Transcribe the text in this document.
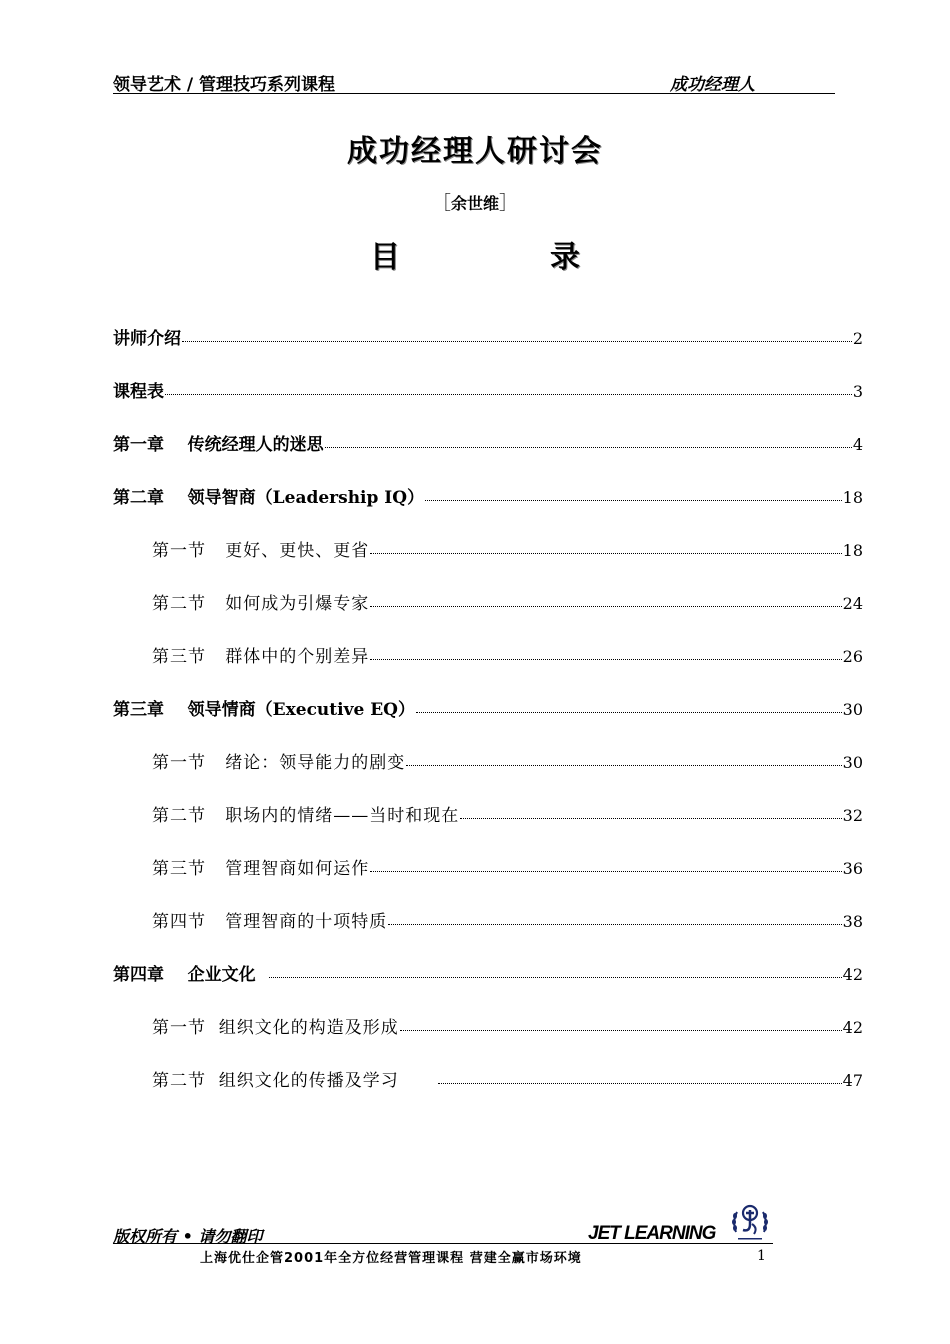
领导艺术 / 管理技巧系列课程	成功经理人
成功经理人研讨会
［余世维］
目	录
讲师介绍	2
课程表	3
第一章    传统经理人的迷思	4
第二章    领导智商（Leadership IQ）	18
第一节   更好、更快、更省	18
第二节   如何成为引爆专家	24
第三节   群体中的个别差异	26
第三章    领导情商（Executive EQ）	30
第一节   绪论：领导能力的剧变	30
第二节   职场内的情绪——当时和现在	32
第三节   管理智商如何运作	36
第四节   管理智商的十项特质	38
第四章    企业文化	42
第一节  组织文化的构造及形成	42
第二节  组织文化的传播及学习	47
版权所有 • 请勿翻印	JET LEARNING
上海优仕企管2001年全方位经营管理课程 营建全赢市场环境	1
